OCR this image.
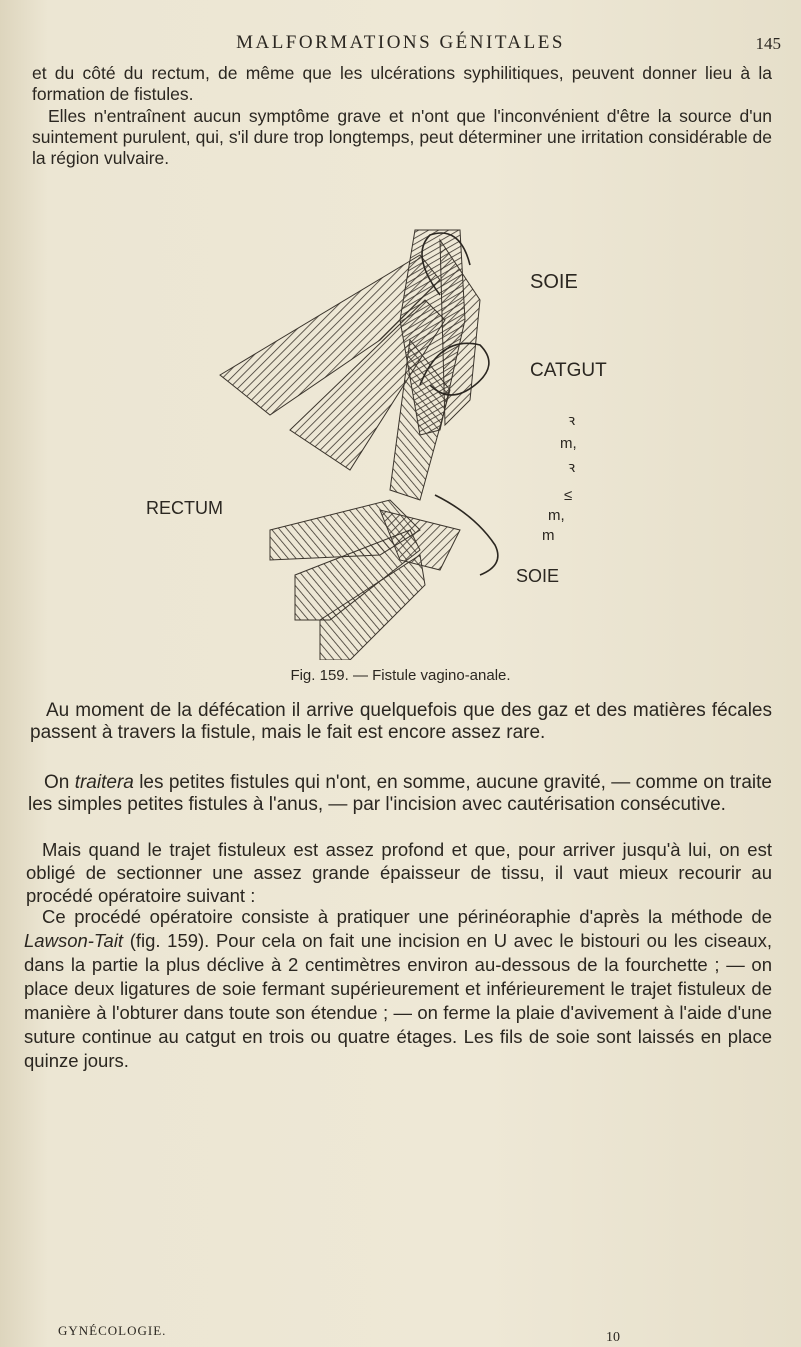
MALFORMATIONS GÉNITALES	145

et du côté du rectum, de même que les ulcérations syphilitiques, peuvent donner lieu à la formation de fistules.

Elles n'entraînent aucun symptôme grave et n'ont que l'inconvénient d'être la source d'un suintement purulent, qui, s'il dure trop longtemps, peut déterminer une irritation considérable de la région vulvaire.

SOIE
CATGUT
RECTUM
SOIE
ꝛ
m,
ꝛ
≤
m,
m
Fig. 159. — Fistule vagino-anale.

Au moment de la défécation il arrive quelquefois que des gaz et des matières fécales passent à travers la fistule, mais le fait est encore assez rare.

On traitera les petites fistules qui n'ont, en somme, aucune gravité, — comme on traite les simples petites fistules à l'anus, — par l'incision avec cautérisation consécutive.

Mais quand le trajet fistuleux est assez profond et que, pour arriver jusqu'à lui, on est obligé de sectionner une assez grande épaisseur de tissu, il vaut mieux recourir au procédé opératoire suivant :

Ce procédé opératoire consiste à pratiquer une périnéoraphie d'après la méthode de Lawson-Tait (fig. 159). Pour cela on fait une incision en U avec le bistouri ou les ciseaux, dans la partie la plus déclive à 2 centimètres environ au-dessous de la fourchette ; — on place deux ligatures de soie fermant supérieurement et inférieurement le trajet fistuleux de manière à l'obturer dans toute son étendue ; — on ferme la plaie d'avivement à l'aide d'une suture continue au catgut en trois ou quatre étages. Les fils de soie sont laissés en place quinze jours.

GYNÉCOLOGIE.	10
